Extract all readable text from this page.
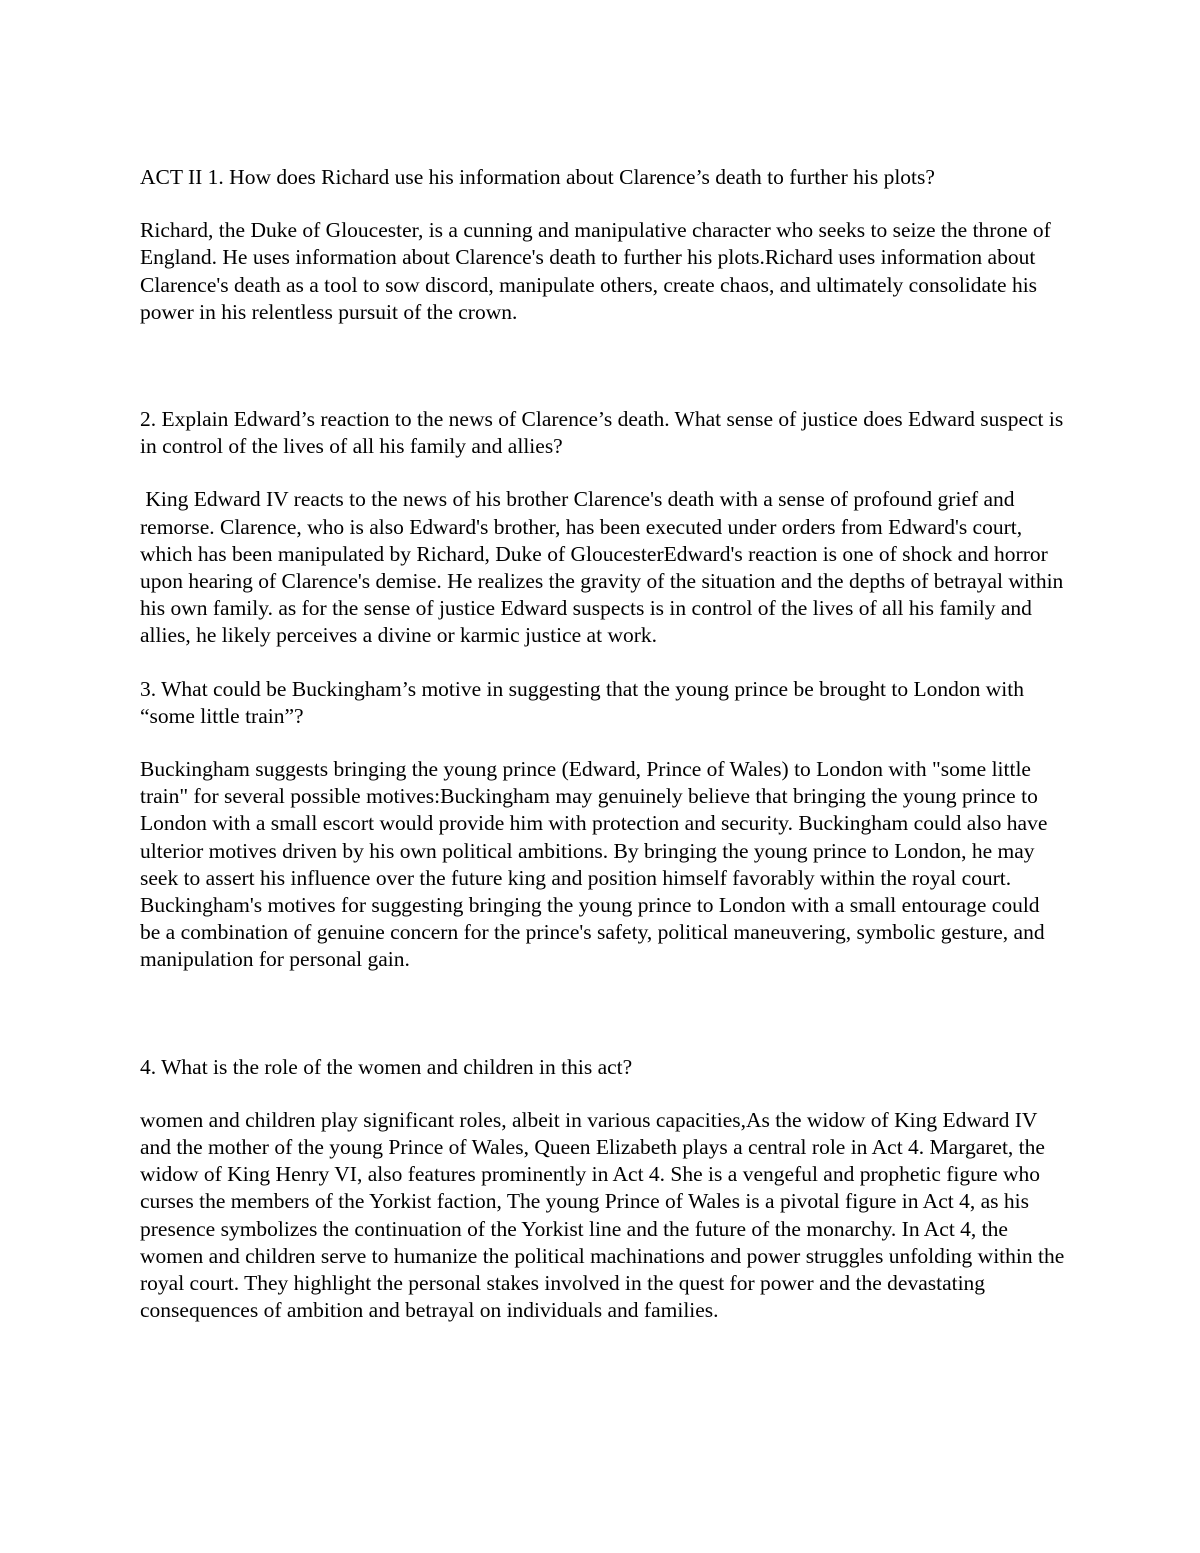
ACT II 1. How does Richard use his information about Clarence’s death to further his plots?

Richard, the Duke of Gloucester, is a cunning and manipulative character who seeks to seize the throne of England. He uses information about Clarence's death to further his plots.Richard uses information about Clarence's death as a tool to sow discord, manipulate others, create chaos, and ultimately consolidate his power in his relentless pursuit of the crown.

2. Explain Edward’s reaction to the news of Clarence’s death. What sense of justice does Edward suspect is in control of the lives of all his family and allies?

King Edward IV reacts to the news of his brother Clarence's death with a sense of profound grief and remorse. Clarence, who is also Edward's brother, has been executed under orders from Edward's court, which has been manipulated by Richard, Duke of GloucesterEdward's reaction is one of shock and horror upon hearing of Clarence's demise. He realizes the gravity of the situation and the depths of betrayal within his own family. as for the sense of justice Edward suspects is in control of the lives of all his family and allies, he likely perceives a divine or karmic justice at work.

3. What could be Buckingham’s motive in suggesting that the young prince be brought to London with “some little train”?

Buckingham suggests bringing the young prince (Edward, Prince of Wales) to London with "some little train" for several possible motives:Buckingham may genuinely believe that bringing the young prince to London with a small escort would provide him with protection and security. Buckingham could also have ulterior motives driven by his own political ambitions. By bringing the young prince to London, he may seek to assert his influence over the future king and position himself favorably within the royal court. Buckingham's motives for suggesting bringing the young prince to London with a small entourage could be a combination of genuine concern for the prince's safety, political maneuvering, symbolic gesture, and manipulation for personal gain.

4. What is the role of the women and children in this act?

women and children play significant roles, albeit in various capacities,As the widow of King Edward IV and the mother of the young Prince of Wales, Queen Elizabeth plays a central role in Act 4. Margaret, the widow of King Henry VI, also features prominently in Act 4. She is a vengeful and prophetic figure who curses the members of the Yorkist faction, The young Prince of Wales is a pivotal figure in Act 4, as his presence symbolizes the continuation of the Yorkist line and the future of the monarchy. In Act 4, the women and children serve to humanize the political machinations and power struggles unfolding within the royal court. They highlight the personal stakes involved in the quest for power and the devastating consequences of ambition and betrayal on individuals and families.
